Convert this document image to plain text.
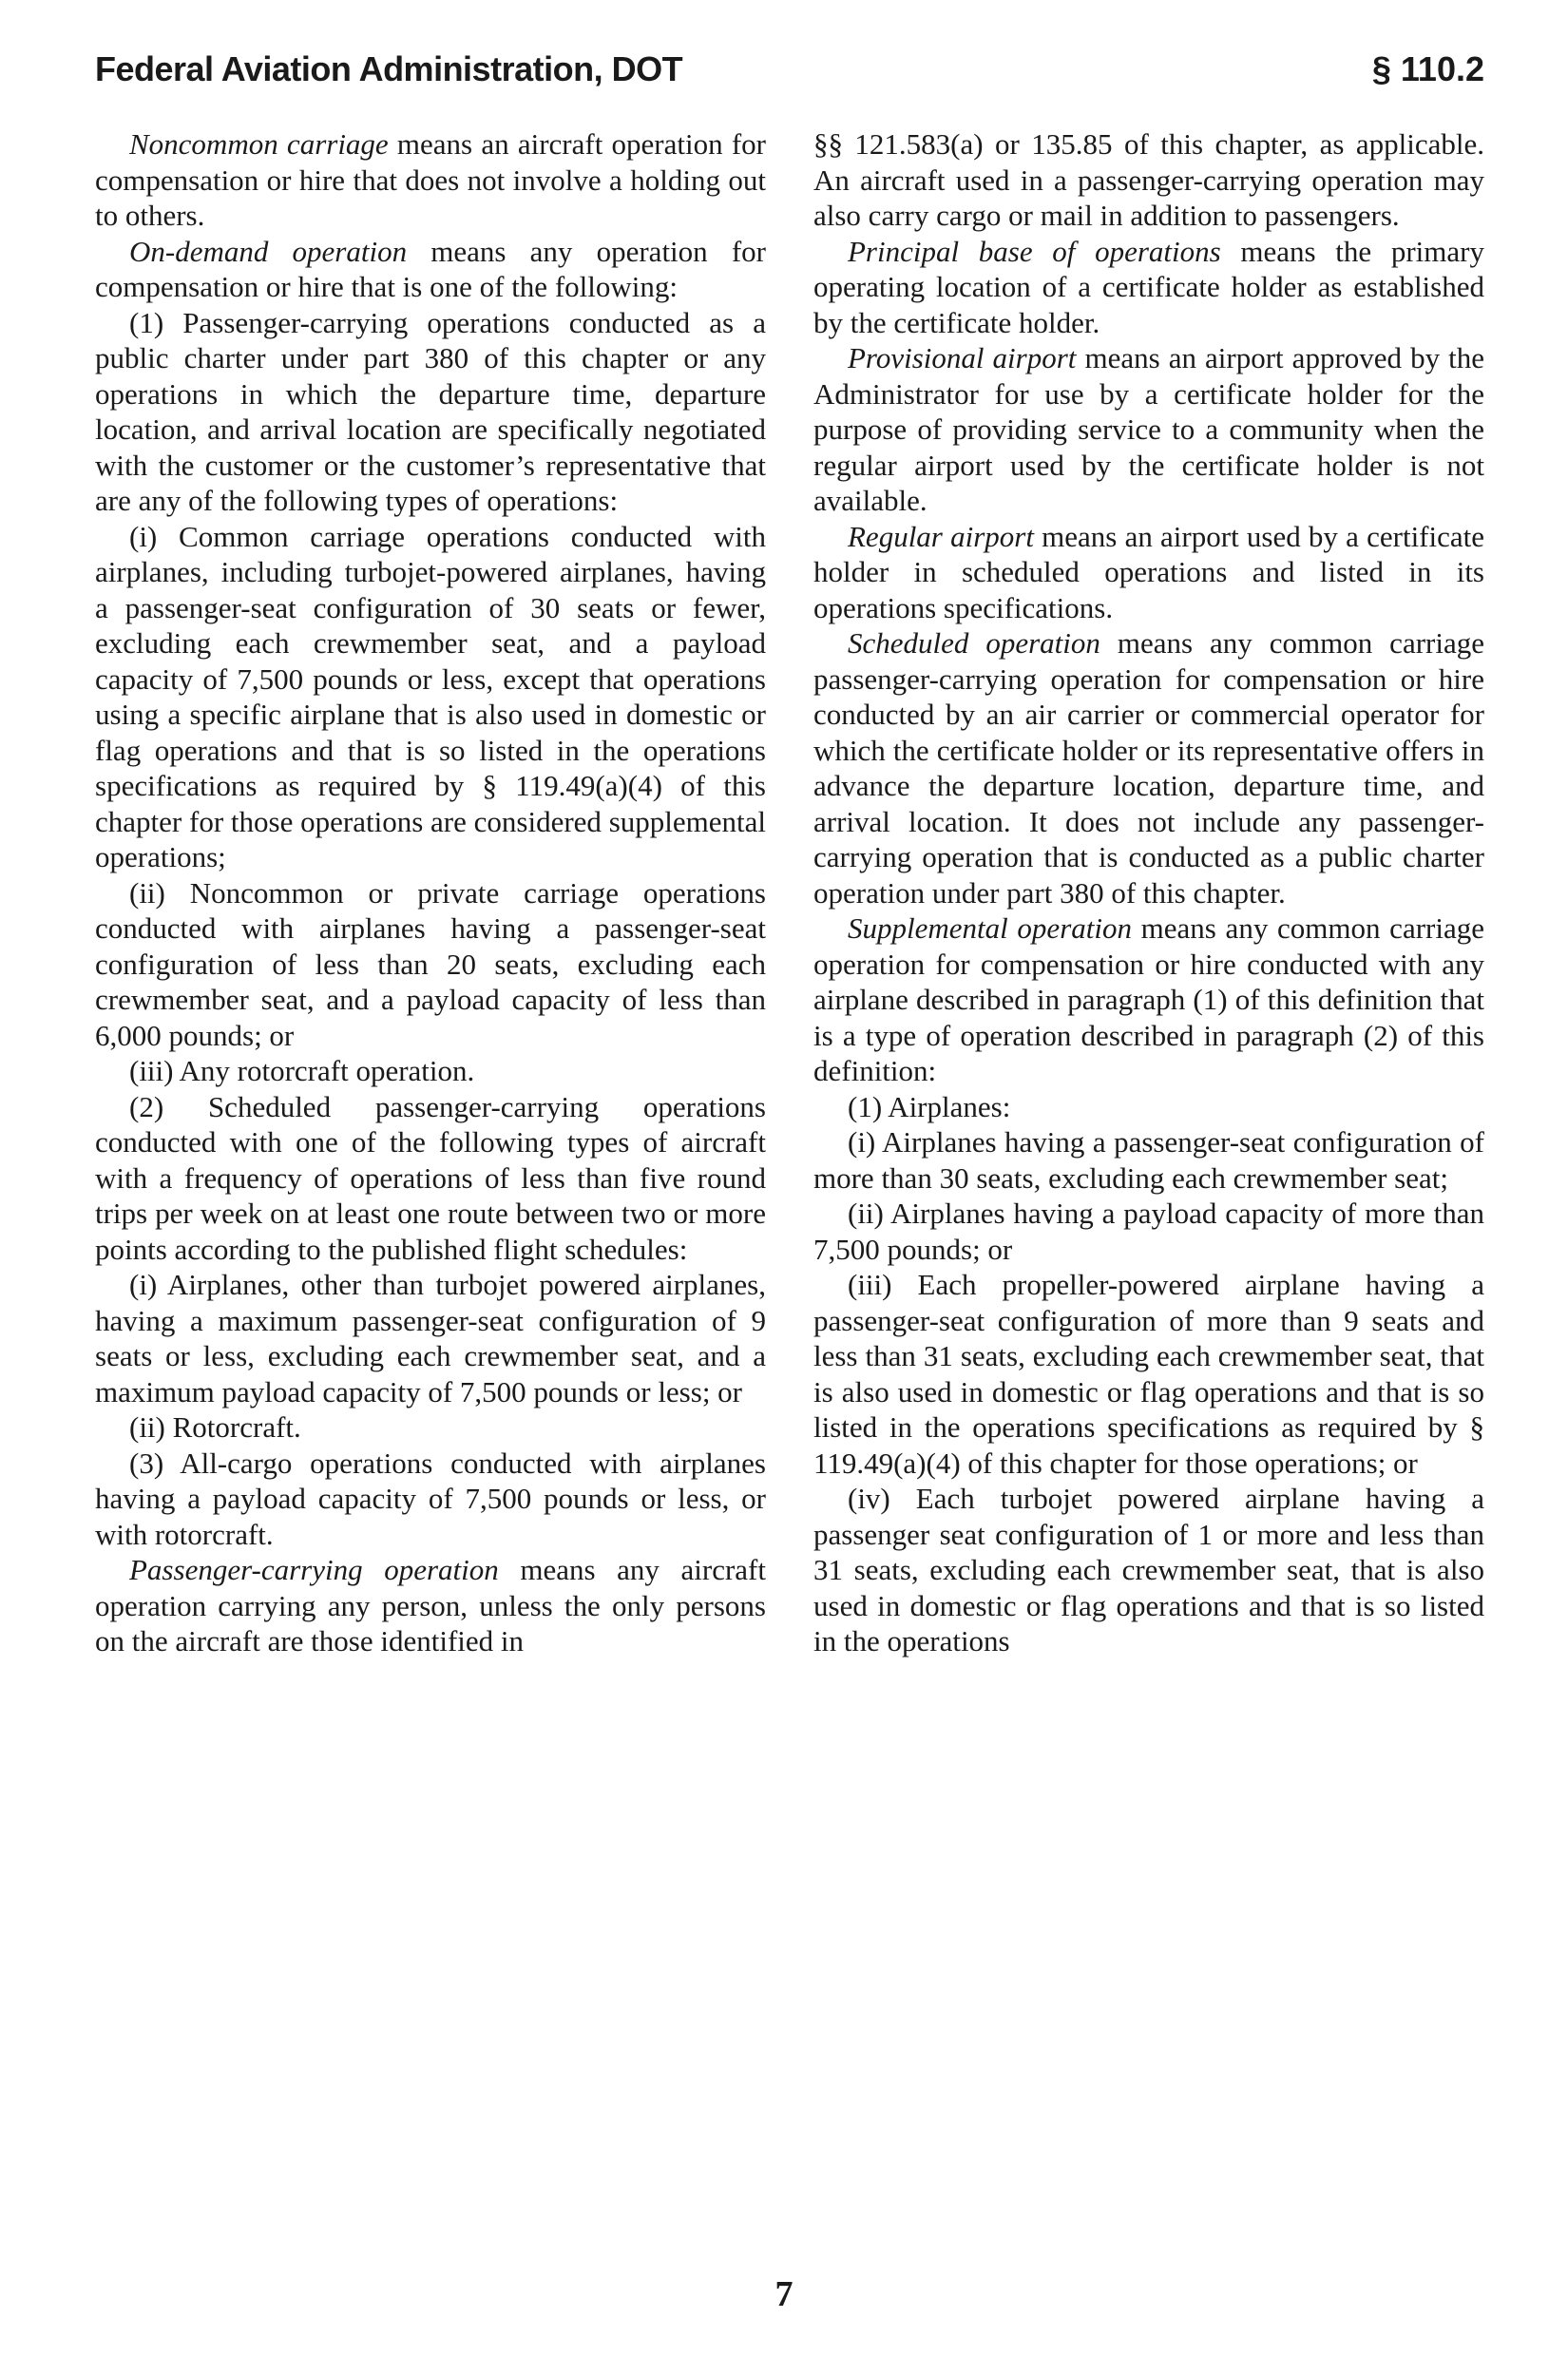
Federal Aviation Administration, DOT	§ 110.2

Noncommon carriage means an aircraft operation for compensation or hire that does not involve a holding out to others.

On-demand operation means any operation for compensation or hire that is one of the following:

(1) Passenger-carrying operations conducted as a public charter under part 380 of this chapter or any operations in which the departure time, departure location, and arrival location are specifically negotiated with the customer or the customer’s representative that are any of the following types of operations:

(i) Common carriage operations conducted with airplanes, including turbojet-powered airplanes, having a passenger-seat configuration of 30 seats or fewer, excluding each crewmember seat, and a payload capacity of 7,500 pounds or less, except that operations using a specific airplane that is also used in domestic or flag operations and that is so listed in the operations specifications as required by § 119.49(a)(4) of this chapter for those operations are considered supplemental operations;

(ii) Noncommon or private carriage operations conducted with airplanes having a passenger-seat configuration of less than 20 seats, excluding each crewmember seat, and a payload capacity of less than 6,000 pounds; or

(iii) Any rotorcraft operation.

(2) Scheduled passenger-carrying operations conducted with one of the following types of aircraft with a frequency of operations of less than five round trips per week on at least one route between two or more points according to the published flight schedules:

(i) Airplanes, other than turbojet powered airplanes, having a maximum passenger-seat configuration of 9 seats or less, excluding each crewmember seat, and a maximum payload capacity of 7,500 pounds or less; or

(ii) Rotorcraft.

(3) All-cargo operations conducted with airplanes having a payload capacity of 7,500 pounds or less, or with rotorcraft.

Passenger-carrying operation means any aircraft operation carrying any person, unless the only persons on the aircraft are those identified in

§§ 121.583(a) or 135.85 of this chapter, as applicable. An aircraft used in a passenger-carrying operation may also carry cargo or mail in addition to passengers.

Principal base of operations means the primary operating location of a certificate holder as established by the certificate holder.

Provisional airport means an airport approved by the Administrator for use by a certificate holder for the purpose of providing service to a community when the regular airport used by the certificate holder is not available.

Regular airport means an airport used by a certificate holder in scheduled operations and listed in its operations specifications.

Scheduled operation means any common carriage passenger-carrying operation for compensation or hire conducted by an air carrier or commercial operator for which the certificate holder or its representative offers in advance the departure location, departure time, and arrival location. It does not include any passenger-carrying operation that is conducted as a public charter operation under part 380 of this chapter.

Supplemental operation means any common carriage operation for compensation or hire conducted with any airplane described in paragraph (1) of this definition that is a type of operation described in paragraph (2) of this definition:

(1) Airplanes:

(i) Airplanes having a passenger-seat configuration of more than 30 seats, excluding each crewmember seat;

(ii) Airplanes having a payload capacity of more than 7,500 pounds; or

(iii) Each propeller-powered airplane having a passenger-seat configuration of more than 9 seats and less than 31 seats, excluding each crewmember seat, that is also used in domestic or flag operations and that is so listed in the operations specifications as required by § 119.49(a)(4) of this chapter for those operations; or

(iv) Each turbojet powered airplane having a passenger seat configuration of 1 or more and less than 31 seats, excluding each crewmember seat, that is also used in domestic or flag operations and that is so listed in the operations

7
